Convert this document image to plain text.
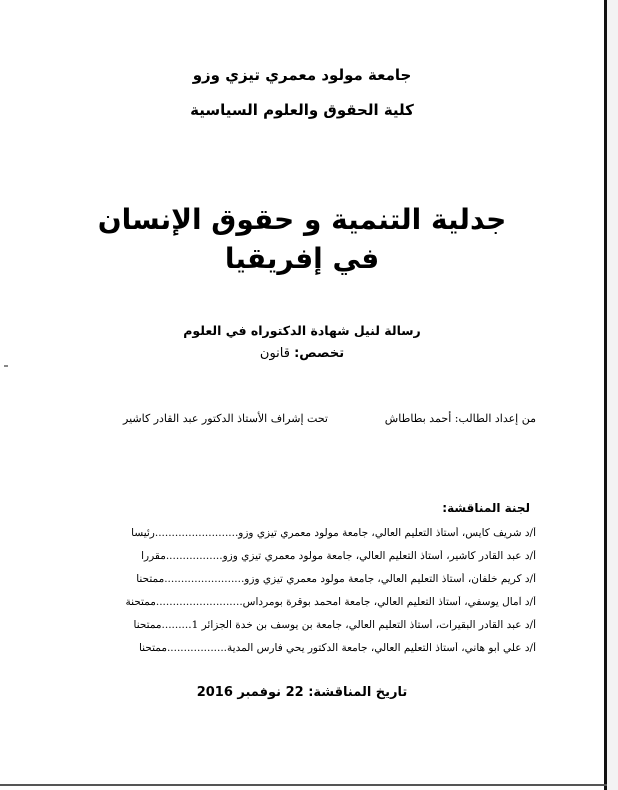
جامعة مولود معمري تيزي وزو
كلية الحقوق والعلوم السياسية
جدلية التنمية و حقوق الإنسان
في إفريقيا
رسالة لنيل شهادة الدكتوراه في العلوم
تخصص: قانون
من إعداد الطالب: أحمد بطاطاش
تحت إشراف الأستاذ الدكتور عبد القادر كاشير
لجنة المناقشة:
أ/د شريف كايس، أستاذ التعليم العالي، جامعة مولود معمري تيزي وزو.........................رئيسا
أ/د عبد القادر كاشير، أستاذ التعليم العالي، جامعة مولود معمري تيزي وزو.................مقررا
أ/د كريم خلفان، أستاذ التعليم العالي، جامعة مولود معمري تيزي وزو........................ممتحنا
أ/د آمال يوسفي، أستاذ التعليم العالي، جامعة امحمد بوقرة بومرداس..........................ممتحنة
أ/د عبد القادر البقيرات، أستاذ التعليم العالي، جامعة بن يوسف بن خدة الجزائر 1.........ممتحنا
أ/د علي أبو هاني، أستاذ التعليم العالي، جامعة الدكتور يحي فارس المدية..................ممتحنا
تاريخ المناقشة: 22 نوفمبر 2016
